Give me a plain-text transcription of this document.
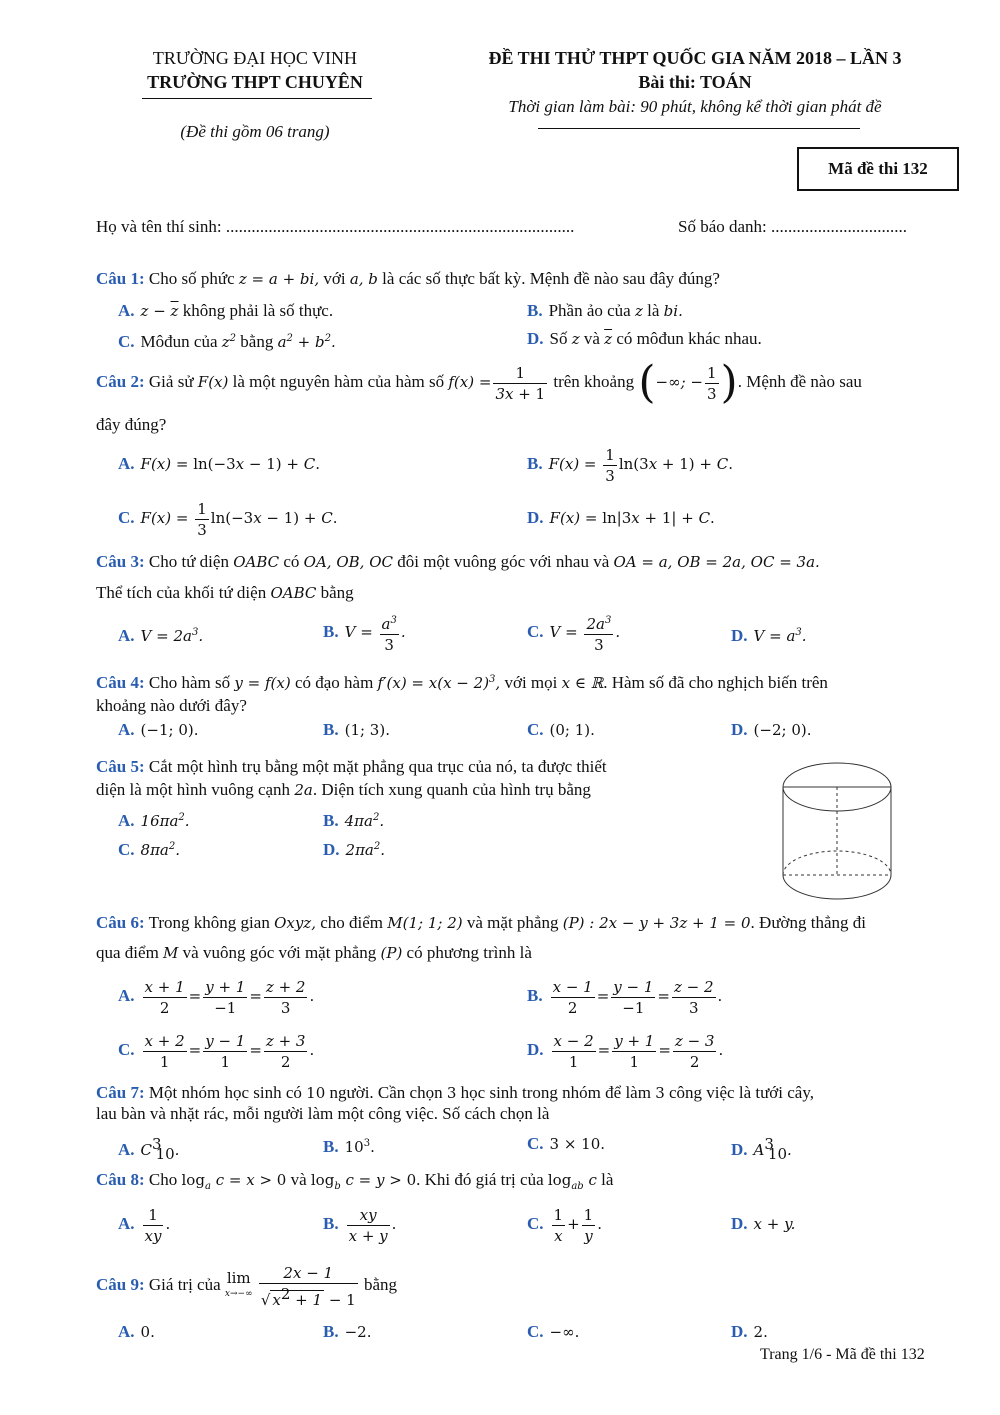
TRƯỜNG ĐẠI HỌC VINH
TRƯỜNG THPT CHUYÊN
(Đề thi gồm 06 trang)
ĐỀ THI THỬ THPT QUỐC GIA NĂM 2018 – LẦN 3
Bài thi: TOÁN
Thời gian làm bài: 90 phút, không kể thời gian phát đề
Mã đề thi 132
Họ và tên thí sinh: ..................................................................................	Số báo danh: ................................
Câu 1: Cho số phức z = a + bi, với a, b là các số thực bất kỳ. Mệnh đề nào sau đây đúng?
A. $z - \overline{z}$ không phải là số thực.	B. Phần ảo của z là bi.
C. Môđun của $z^2$ bằng $a^2 + b^2$.	D. Số z và $\overline{z}$ có môđun khác nhau.
Câu 2: Giả sử F(x) là một nguyên hàm của hàm số $f(x) = \frac{1}{3x + 1}$ trên khoảng (−∞; − $\frac{1}{3}$ ). Mệnh đề nào sau
đây đúng?
A. F(x) = ln(−3x − 1) + C.	B. $F(x) = \frac{1}{3} \ln(3x + 1) + C$.
C. $F(x) = \frac{1}{3} \ln(-3x - 1) + C$.	D. F(x) = ln|3x + 1| + C.
Câu 3: Cho tứ diện OABC có OA, OB, OC đôi một vuông góc với nhau và OA = a, OB = 2a, OC = 3a.
Thể tích của khối tứ diện OABC bằng
A. $V = 2a^3$.	B. $V = \frac{a^3}{3}$ .	C. $V = \frac{2a^3}{3}$ .	D. $V = a^3$.
Câu 4: Cho hàm số y = f(x) có đạo hàm $f'(x) = x(x - 2)^3$, với mọi x ∈ ℝ. Hàm số đã cho nghịch biến trên
khoảng nào dưới đây?
A. (−1; 0).	B. (1; 3).	C. (0; 1).	D. (−2; 0).
Câu 5: Cắt một hình trụ bằng một mặt phẳng qua trục của nó, ta được thiết
diện là một hình vuông cạnh 2a. Diện tích xung quanh của hình trụ bằng
A. $16\pi a^2$.	B. $4\pi a^2$.
C. $8\pi a^2$.	D. $2\pi a^2$.
Câu 6: Trong không gian Oxyz, cho điểm M(1; 1; 2) và mặt phẳng (P) : 2x − y + 3z + 1 = 0. Đường thẳng đi
qua điểm M và vuông góc với mặt phẳng (P) có phương trình là
A. $\frac{x + 1}{2} = \frac{y + 1}{-1} = \frac{z + 2}{3}$ .	B. $\frac{x - 1}{2} = \frac{y - 1}{-1} = \frac{z - 2}{3}$ .
C. $\frac{x + 2}{1} = \frac{y - 1}{1} = \frac{z + 3}{2}$ .	D. $\frac{x - 2}{1} = \frac{y + 1}{1} = \frac{z - 3}{2}$ .
Câu 7: Một nhóm học sinh có 10 người. Cần chọn 3 học sinh trong nhóm để làm 3 công việc là tưới cây,
lau bàn và nhặt rác, mỗi người làm một công việc. Số cách chọn là
A. $C^3_{10}$.	B. $10^3$.	C. 3 × 10.	D. $A^3_{10}$.
Câu 8: Cho $\log_a c = x > 0$ và $\log_b c = y > 0$. Khi đó giá trị của $\log_{ab} c$ là
A. $\frac{1}{xy}$ .	B. $\frac{xy}{x + y}$ .	C. $\frac{1}{x} + \frac{1}{y}$ .	D. x + y.
Câu 9: Giá trị của lim
x→−∞
$\frac{2x - 1}{√ x^2 + 1 - 1}$ bằng
A. 0.	B. −2.	C. −∞.	D. 2.
Trang 1/6 - Mã đề thi 132
